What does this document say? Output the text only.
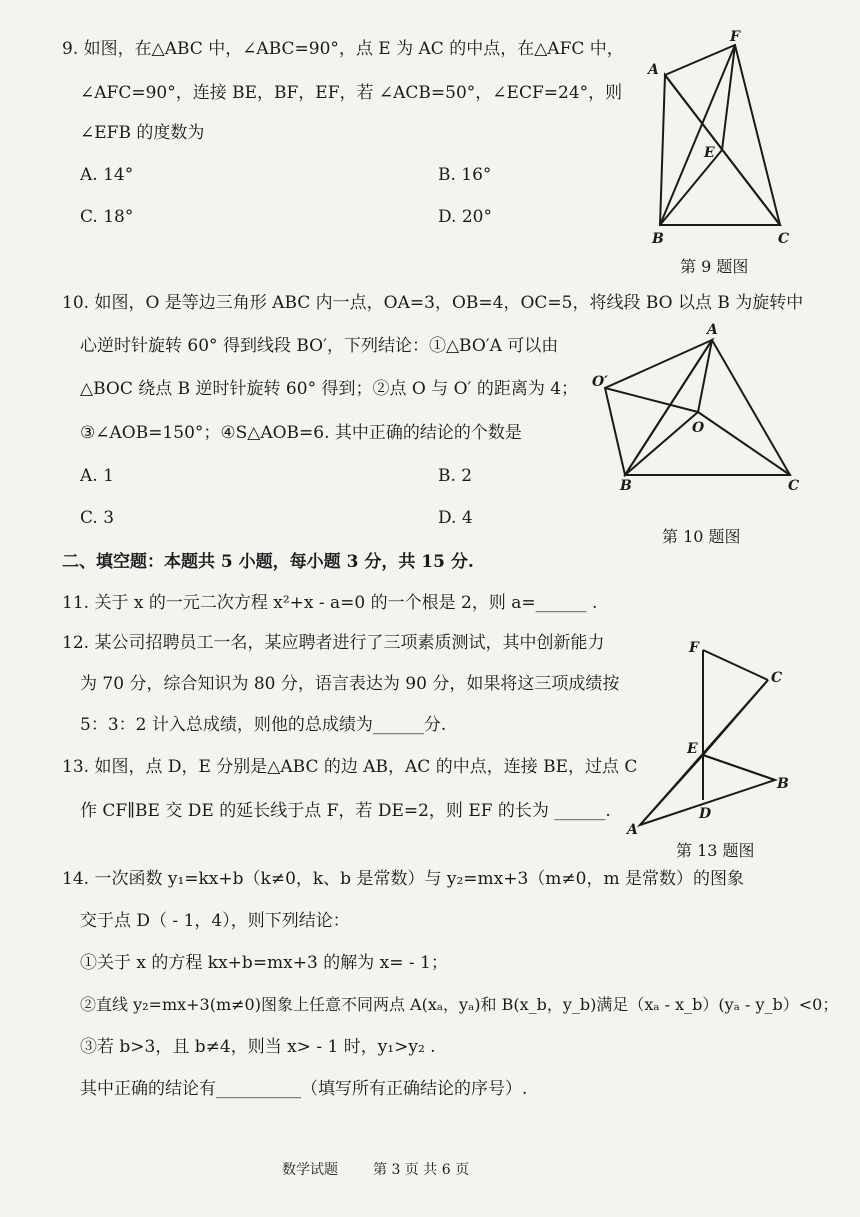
9. 如图，在△ABC 中，∠ABC=90°，点 E 为 AC 的中点，在△AFC 中，
∠AFC=90°，连接 BE，BF，EF，若 ∠ACB=50°，∠ECF=24°，则
∠EFB 的度数为
A. 14°	B. 16°
C. 18°	D. 20°
A
B	C
E
F
第 9 题图
10. 如图，O 是等边三角形 ABC 内一点，OA=3，OB=4，OC=5，将线段 BO 以点 B 为旋转中
心逆时针旋转 60° 得到线段 BO′，下列结论：①△BO′A 可以由
△BOC 绕点 B 逆时针旋转 60° 得到；②点 O 与 O′ 的距离为 4；
③∠AOB=150°；④S△AOB=6. 其中正确的结论的个数是
A. 1	B. 2
C. 3	D. 4
A
B	C
O
O′
第 10 题图
二、填空题：本题共 5 小题，每小题 3 分，共 15 分.
11. 关于 x 的一元二次方程 x²+x - a=0 的一个根是 2，则 a=______ .
12. 某公司招聘员工一名，某应聘者进行了三项素质测试，其中创新能力
为 70 分，综合知识为 80 分，语言表达为 90 分，如果将这三项成绩按
5：3：2 计入总成绩，则他的总成绩为______分.
13. 如图，点 D，E 分别是△ABC 的边 AB，AC 的中点，连接 BE，过点 C
作 CF∥BE 交 DE 的延长线于点 F，若 DE=2，则 EF 的长为 ______.
F
C
E
B
D
A
第 13 题图
14. 一次函数 y₁=kx+b（k≠0，k、b 是常数）与 y₂=mx+3（m≠0，m 是常数）的图象
交于点 D（ - 1，4），则下列结论：
①关于 x 的方程 kx+b=mx+3 的解为 x= - 1；
②直线 y₂=mx+3(m≠0)图象上任意不同两点 A(xₐ，yₐ)和 B(x_b，y_b)满足（xₐ - x_b）(yₐ - y_b）<0；
③若 b>3，且 b≠4，则当 x> - 1 时，y₁>y₂ .
其中正确的结论有__________（填写所有正确结论的序号）.
数学试题	第 3 页 共 6 页
